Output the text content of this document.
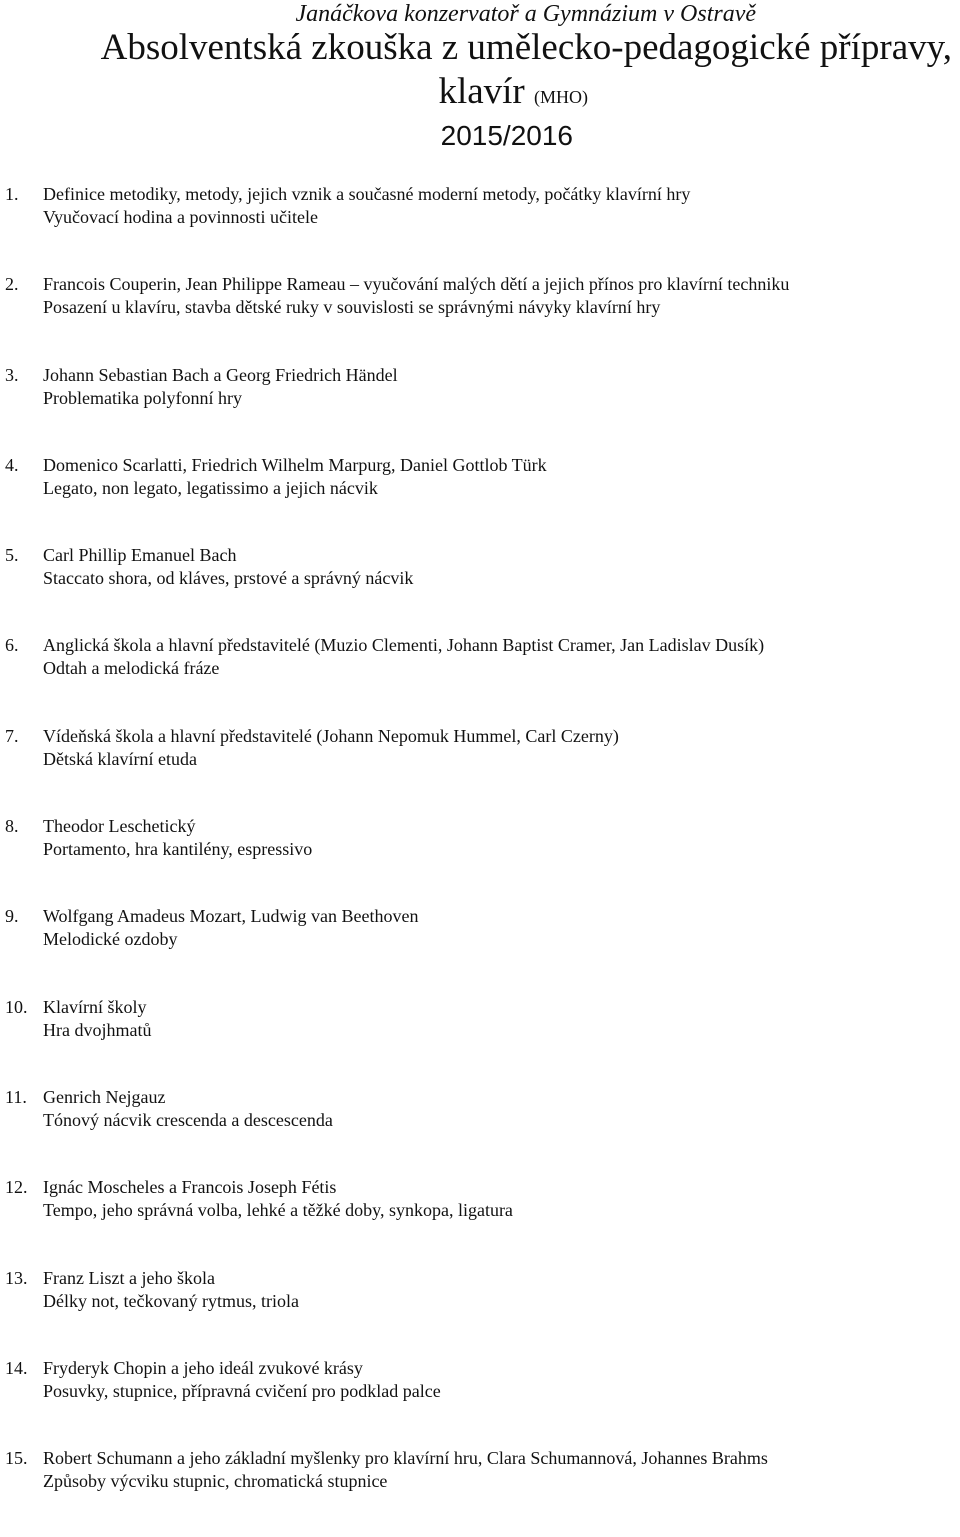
Janáčkova konzervatoř a Gymnázium v Ostravě
Absolventská zkouška z umělecko-pedagogické přípravy,
klavír (MHO)
2015/2016
1. Definice metodiky, metody, jejich vznik a současné moderní metody, počátky klavírní hry
Vyučovací hodina a povinnosti učitele
2. Francois Couperin, Jean Philippe Rameau – vyučování malých dětí a jejich přínos pro klavírní techniku
Posazení u klavíru, stavba dětské ruky v souvislosti se správnými návyky klavírní hry
3. Johann Sebastian Bach a Georg Friedrich Händel
Problematika polyfonní hry
4. Domenico Scarlatti, Friedrich Wilhelm Marpurg, Daniel Gottlob Türk
Legato, non legato, legatissimo a jejich nácvik
5. Carl Phillip Emanuel Bach
Staccato shora, od kláves, prstové a správný nácvik
6. Anglická škola a hlavní představitelé (Muzio Clementi, Johann Baptist Cramer, Jan Ladislav Dusík)
Odtah a melodická fráze
7. Vídeňská škola a hlavní představitelé (Johann Nepomuk Hummel, Carl Czerny)
Dětská klavírní etuda
8. Theodor Leschetický
Portamento, hra kantilény, espressivo
9. Wolfgang Amadeus Mozart, Ludwig van Beethoven
Melodické ozdoby
10. Klavírní školy
Hra dvojhmatů
11. Genrich Nejgauz
Tónový nácvik crescenda a descescenda
12. Ignác Moscheles a Francois Joseph Fétis
Tempo, jeho správná volba, lehké a těžké doby, synkopa, ligatura
13. Franz Liszt a jeho škola
Délky not, tečkovaný rytmus, triola
14. Fryderyk Chopin a jeho ideál zvukové krásy
Posuvky, stupnice, přípravná cvičení pro podklad palce
15. Robert Schumann a jeho základní myšlenky pro klavírní hru, Clara Schumannová, Johannes Brahms
Způsoby výcviku stupnic, chromatická stupnice
